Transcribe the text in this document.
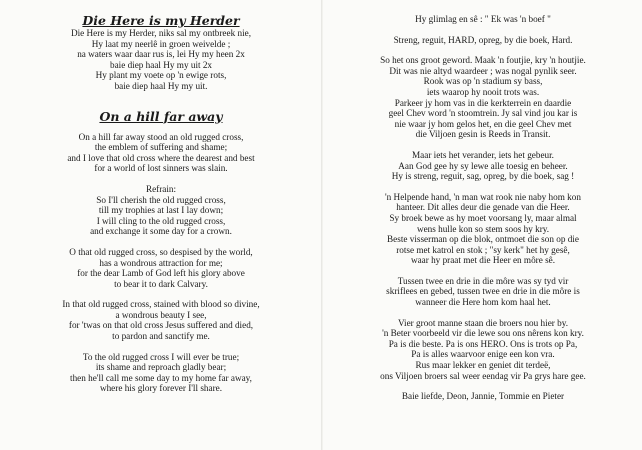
Die Here is my Herder
Die Here is my Herder, niks sal my ontbreek nie,
Hy laat my neerlê in groen weivelde ;
na waters waar daar rus is, lei Hy my heen 2x
baie diep haal Hy my uit 2x
Hy plant my voete op 'n ewige rots,
baie diep haal Hy my uit.
On a hill far away
On a hill far away stood an old rugged cross,
the emblem of suffering and shame;
and I love that old cross where the dearest and best
for a world of lost sinners was slain.
Refrain:
So I'll cherish the old rugged cross,
till my trophies at last I lay down;
I will cling to the old rugged cross,
and exchange it some day for a crown.
O that old rugged cross, so despised by the world,
has a wondrous attraction for me;
for the dear Lamb of God left his glory above
to bear it to dark Calvary.
In that old rugged cross, stained with blood so divine,
a wondrous beauty I see,
for 'twas on that old cross Jesus suffered and died,
to pardon and sanctify me.
To the old rugged cross I will ever be true;
its shame and reproach gladly bear;
then he'll call me some day to my home far away,
where his glory forever I'll share.
Hy glimlag en sê : " Ek was 'n boef "
Streng, reguit, HARD, opreg, by die boek, Hard.
So het ons groot geword. Maak 'n foutjie, kry 'n houtjie.
Dit was nie altyd waardeer ; was nogal pynlik seer.
Rook was op 'n stadium sy bass,
iets waarop hy nooit trots was.
Parkeer jy hom vas in die kerkterrein en daardie
geel Chev word 'n stoomtrein. Jy sal vind jou kar is
nie waar jy hom gelos het, en die geel Chev met
die Viljoen gesin is Reeds in Transit.
Maar iets het verander, iets het gebeur.
Aan God gee hy sy lewe alle toesig en beheer.
Hy is streng, reguit, sag, opreg, by die boek, sag !
'n Helpende hand, 'n man wat rook nie naby hom kon
hanteer. Dit alles deur die genade van die Heer.
Sy broek bewe as hy moet voorsang ly, maar almal
wens hulle kon so stem soos hy kry.
Beste visserman op die blok, ontmoet die son op die
rotse met katrol en stok ; "sy kerk" het hy gesê,
waar hy praat met die Heer en môre sê.
Tussen twee en drie in die môre was sy tyd vir
skriflees en gebed, tussen twee en drie in die môre is
wanneer die Here hom kom haal het.
Vier groot manne staan die broers nou hier by.
'n Beter voorbeeld vir die lewe sou ons nêrens kon kry.
Pa is die beste. Pa is ons HERO. Ons is trots op Pa,
Pa is alles waarvoor enige een kon vra.
Rus maar lekker en geniet dit terdeë,
ons Viljoen broers sal weer eendag vir Pa grys hare gee.
Baie liefde, Deon, Jannie, Tommie en Pieter
